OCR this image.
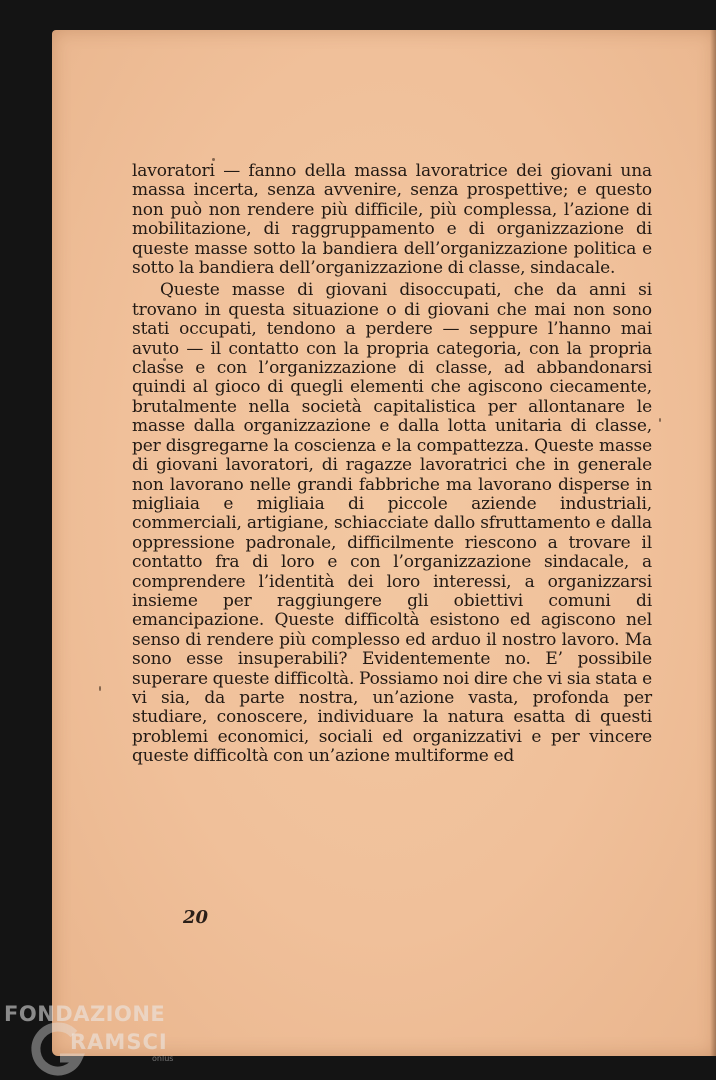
lavoratori — fanno della massa lavoratrice dei giovani una massa incerta, senza avvenire, senza prospettive; e questo non può non rendere più difficile, più complessa, l’azione di mobilitazione, di raggruppamento e di organizzazione di queste masse sotto la bandiera dell’organizzazione politica e sotto la bandiera dell’organizzazione di classe, sindacale.

Queste masse di giovani disoccupati, che da anni si trovano in questa situazione o di giovani che mai non sono stati occupati, tendono a perdere — seppure l’hanno mai avuto — il contatto con la propria categoria, con la propria classe e con l’organizzazione di classe, ad abbandonarsi quindi al gioco di quegli elementi che agiscono ciecamente, brutalmente nella società capitalistica per allontanare le masse dalla organizzazione e dalla lotta unitaria di classe, per disgregarne la coscienza e la compattezza. Queste masse di giovani lavoratori, di ragazze lavoratrici che in generale non lavorano nelle grandi fabbriche ma lavorano disperse in migliaia e migliaia di piccole aziende industriali, commerciali, artigiane, schiacciate dallo sfruttamento e dalla oppressione padronale, difficilmente riescono a trovare il contatto fra di loro e con l’organizzazione sindacale, a comprendere l’identità dei loro interessi, a organizzarsi insieme per raggiungere gli obiettivi comuni di emancipazione. Queste difficoltà esistono ed agiscono nel senso di rendere più complesso ed arduo il nostro lavoro. Ma sono esse insuperabili? Evidentemente no. E’ possibile superare queste difficoltà. Possiamo noi dire che vi sia stata e vi sia, da parte nostra, un’azione vasta, profonda per studiare, conoscere, individuare la natura esatta di questi problemi economici, sociali ed organizzativi e per vincere queste difficoltà con un’azione multiforme ed

20
FONDAZIONE
RAMSCI
onlus
